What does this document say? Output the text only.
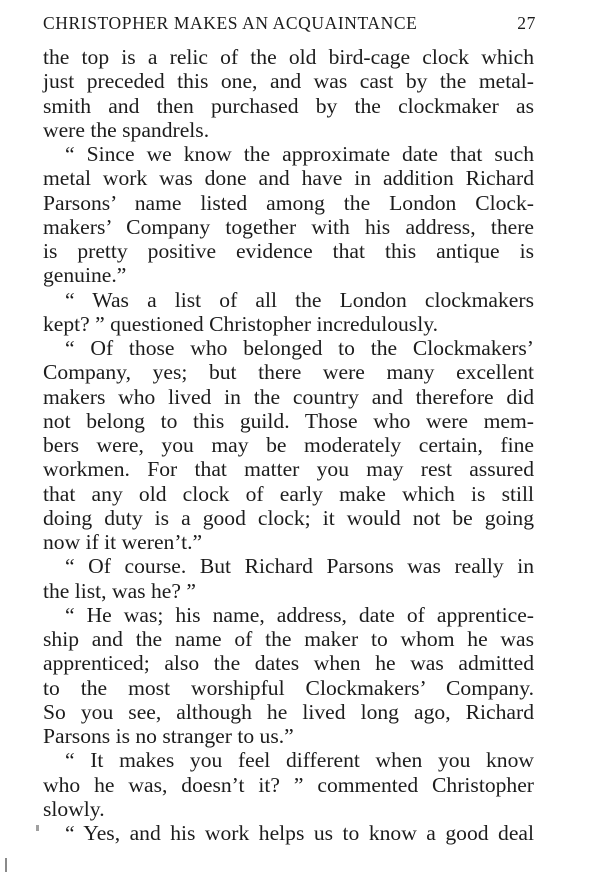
CHRISTOPHER MAKES AN ACQUAINTANCE	27
the top is a relic of the old bird-cage clock which
just preceded this one, and was cast by the metal-
smith and then purchased by the clockmaker as
were the spandrels.
“ Since we know the approximate date that such
metal work was done and have in addition Richard
Parsons’ name listed among the London Clock-
makers’ Company together with his address, there
is pretty positive evidence that this antique is
genuine.”
“ Was a list of all the London clockmakers
kept? ” questioned Christopher incredulously.
“ Of those who belonged to the Clockmakers’
Company, yes; but there were many excellent
makers who lived in the country and therefore did
not belong to this guild. Those who were mem-
bers were, you may be moderately certain, fine
workmen. For that matter you may rest assured
that any old clock of early make which is still
doing duty is a good clock; it would not be going
now if it weren’t.”
“ Of course. But Richard Parsons was really in
the list, was he? ”
“ He was; his name, address, date of apprentice-
ship and the name of the maker to whom he was
apprenticed; also the dates when he was admitted
to the most worshipful Clockmakers’ Company.
So you see, although he lived long ago, Richard
Parsons is no stranger to us.”
“ It makes you feel different when you know
who he was, doesn’t it? ” commented Christopher
slowly.
“ Yes, and his work helps us to know a good deal
